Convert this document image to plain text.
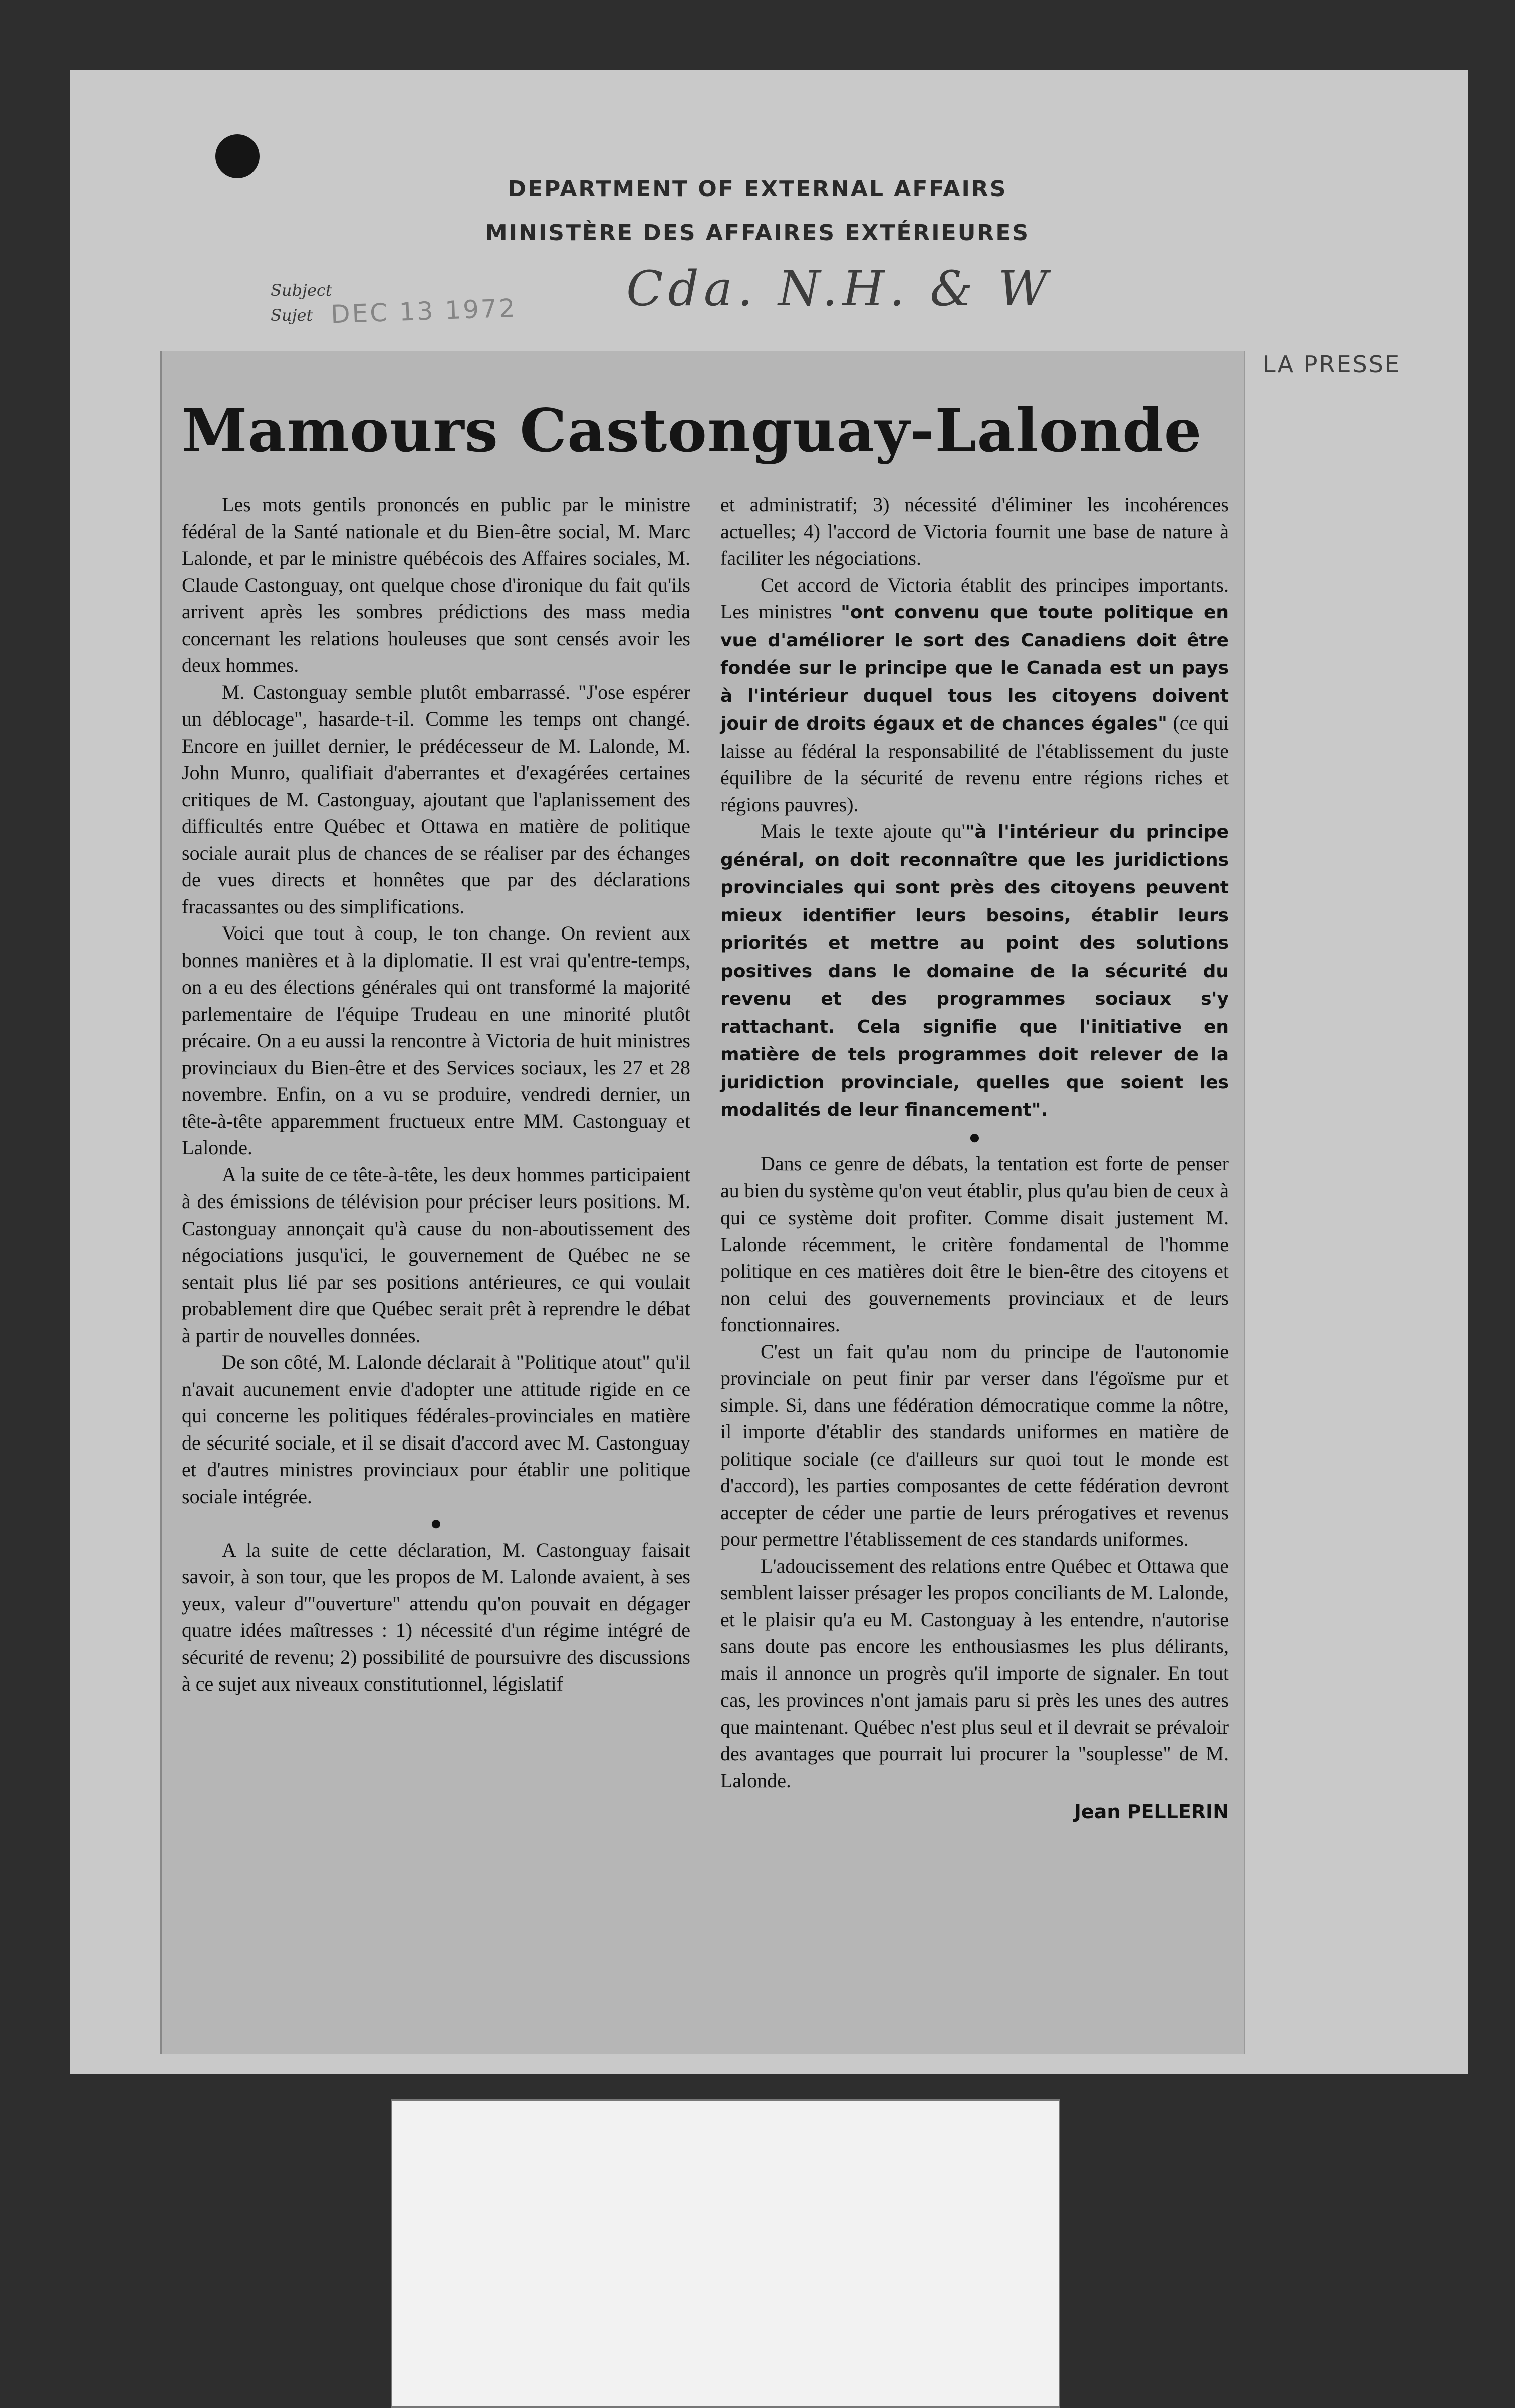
DEPARTMENT OF EXTERNAL AFFAIRS
MINISTÈRE DES AFFAIRES EXTÉRIEURES
Subject
Sujet DEC 13 1972 Cda. N.H. & W
LA PRESSE
Mamours Castonguay-Lalonde

Les mots gentils prononcés en public par le ministre fédéral de la Santé nationale et du Bien-être social, M. Marc Lalonde, et par le ministre québécois des Affaires sociales, M. Claude Castonguay, ont quelque chose d'ironique du fait qu'ils arrivent après les sombres prédictions des mass media concernant les relations houleuses que sont censés avoir les deux hommes.

M. Castonguay semble plutôt embarrassé. "J'ose espérer un déblocage", hasarde-t-il. Comme les temps ont changé. Encore en juillet dernier, le prédécesseur de M. Lalonde, M. John Munro, qualifiait d'aberrantes et d'exagérées certaines critiques de M. Castonguay, ajoutant que l'aplanissement des difficultés entre Québec et Ottawa en matière de politique sociale aurait plus de chances de se réaliser par des échanges de vues directs et honnêtes que par des déclarations fracassantes ou des simplifications.

Voici que tout à coup, le ton change. On revient aux bonnes manières et à la diplomatie. Il est vrai qu'entre-temps, on a eu des élections générales qui ont transformé la majorité parlementaire de l'équipe Trudeau en une minorité plutôt précaire. On a eu aussi la rencontre à Victoria de huit ministres provinciaux du Bien-être et des Services sociaux, les 27 et 28 novembre. Enfin, on a vu se produire, vendredi dernier, un tête-à-tête apparemment fructueux entre MM. Castonguay et Lalonde.

A la suite de ce tête-à-tête, les deux hommes participaient à des émissions de télévision pour préciser leurs positions. M. Castonguay annonçait qu'à cause du non-aboutissement des négociations jusqu'ici, le gouvernement de Québec ne se sentait plus lié par ses positions antérieures, ce qui voulait probablement dire que Québec serait prêt à reprendre le débat à partir de nouvelles données.

De son côté, M. Lalonde déclarait à "Politique atout" qu'il n'avait aucunement envie d'adopter une attitude rigide en ce qui concerne les politiques fédérales-provinciales en matière de sécurité sociale, et il se disait d'accord avec M. Castonguay et d'autres ministres provinciaux pour établir une politique sociale intégrée.

●

A la suite de cette déclaration, M. Castonguay faisait savoir, à son tour, que les propos de M. Lalonde avaient, à ses yeux, valeur d'"ouverture" attendu qu'on pouvait en dégager quatre idées maîtresses : 1) nécessité d'un régime intégré de sécurité de revenu; 2) possibilité de poursuivre des discussions à ce sujet aux niveaux constitutionnel, législatif

et administratif; 3) nécessité d'éliminer les incohérences actuelles; 4) l'accord de Victoria fournit une base de nature à faciliter les négociations.

Cet accord de Victoria établit des principes importants. Les ministres "ont convenu que toute politique en vue d'améliorer le sort des Canadiens doit être fondée sur le principe que le Canada est un pays à l'intérieur duquel tous les citoyens doivent jouir de droits égaux et de chances égales" (ce qui laisse au fédéral la responsabilité de l'établissement du juste équilibre de la sécurité de revenu entre régions riches et régions pauvres).

Mais le texte ajoute qu'"à l'intérieur du principe général, on doit reconnaître que les juridictions provinciales qui sont près des citoyens peuvent mieux identifier leurs besoins, établir leurs priorités et mettre au point des solutions positives dans le domaine de la sécurité du revenu et des programmes sociaux s'y rattachant. Cela signifie que l'initiative en matière de tels programmes doit relever de la juridiction provinciale, quelles que soient les modalités de leur financement".

●

Dans ce genre de débats, la tentation est forte de penser au bien du système qu'on veut établir, plus qu'au bien de ceux à qui ce système doit profiter. Comme disait justement M. Lalonde récemment, le critère fondamental de l'homme politique en ces matières doit être le bien-être des citoyens et non celui des gouvernements provinciaux et de leurs fonctionnaires.

C'est un fait qu'au nom du principe de l'autonomie provinciale on peut finir par verser dans l'égoïsme pur et simple. Si, dans une fédération démocratique comme la nôtre, il importe d'établir des standards uniformes en matière de politique sociale (ce d'ailleurs sur quoi tout le monde est d'accord), les parties composantes de cette fédération devront accepter de céder une partie de leurs prérogatives et revenus pour permettre l'établissement de ces standards uniformes.

L'adoucissement des relations entre Québec et Ottawa que semblent laisser présager les propos conciliants de M. Lalonde, et le plaisir qu'a eu M. Castonguay à les entendre, n'autorise sans doute pas encore les enthousiasmes les plus délirants, mais il annonce un progrès qu'il importe de signaler. En tout cas, les provinces n'ont jamais paru si près les unes des autres que maintenant. Québec n'est plus seul et il devrait se prévaloir des avantages que pourrait lui procurer la "souplesse" de M. Lalonde.

Jean PELLERIN
